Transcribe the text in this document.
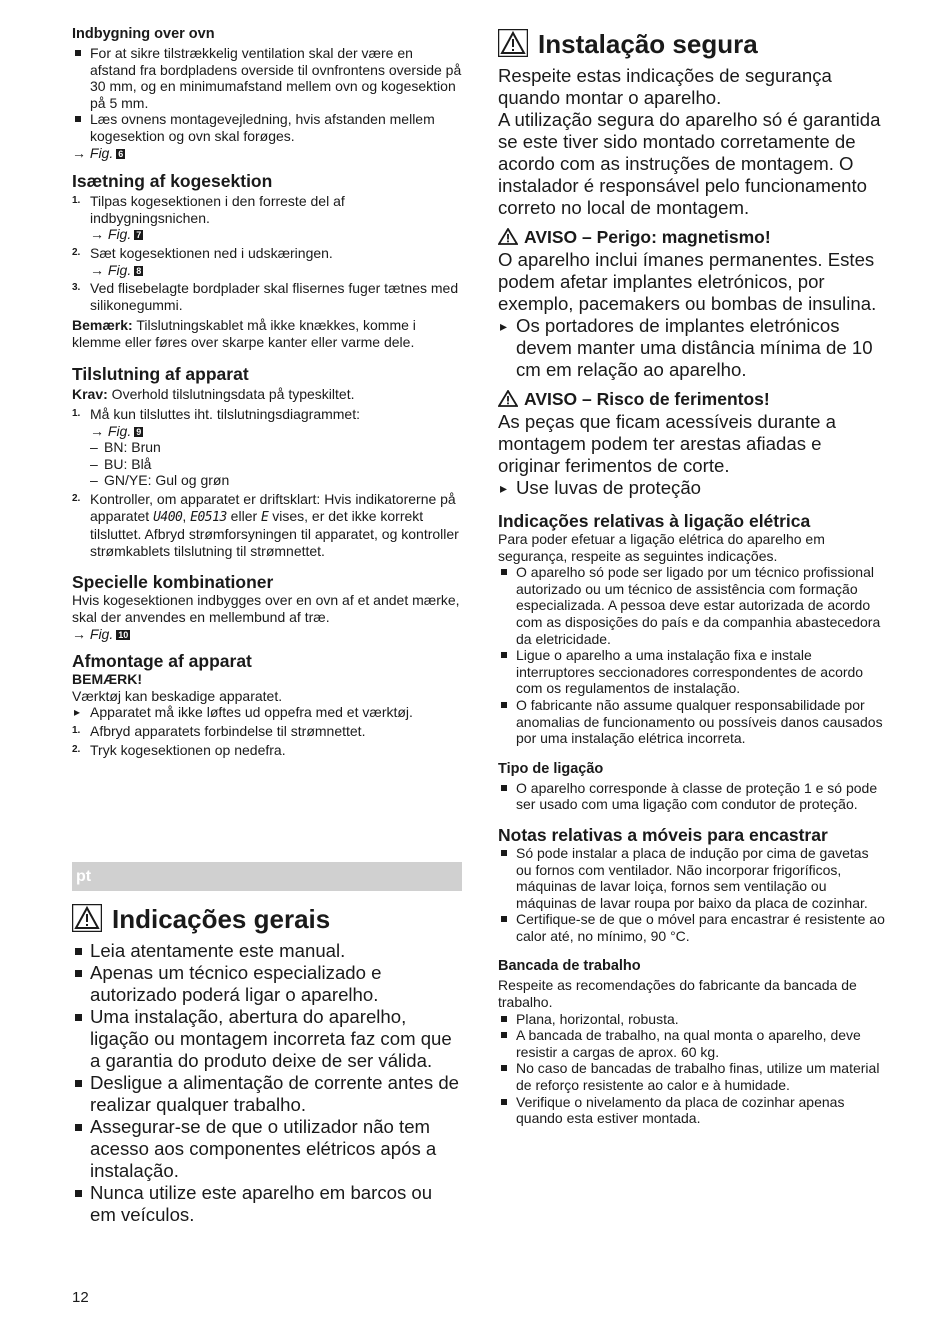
Indbygning over ovn

For at sikre tilstrækkelig ventilation skal der være en afstand fra bordpladens overside til ovnfrontens overside på 30 mm, og en minimumafstand mellem ovn og kogesektion på 5 mm.
Læs ovnens montagevejledning, hvis afstanden mellem kogesektion og ovn skal forøges.

→ Fig. 6

Isætning af kogesektion

1. Tilpas kogesektionen i den forreste del af indbygningsnichen.
→ Fig. 7
2. Sæt kogesektionen ned i udskæringen.
→ Fig. 8
3. Ved flisebelagte bordplader skal flisernes fuger tætnes med silikonegummi.

Bemærk: Tilslutningskablet må ikke knækkes, komme i klemme eller føres over skarpe kanter eller varme dele.

Tilslutning af apparat

Krav: Overhold tilslutningsdata på typeskiltet.

1. Må kun tilsluttes iht. tilslutningsdiagrammet:
→ Fig. 9
– BN: Brun
– BU: Blå
– GN/YE: Gul og grøn
2. Kontroller, om apparatet er driftsklart: Hvis indikatorerne på apparatet U400, E0513 eller E vises, er det ikke korrekt tilsluttet. Afbryd strømforsyningen til apparatet, og kontroller strømkablets tilslutning til strømnettet.

Specielle kombinationer

Hvis kogesektionen indbygges over en ovn af et andet mærke, skal der anvendes en mellembund af træ.

→ Fig. 10

Afmontage af apparat

BEMÆRK!

Værktøj kan beskadige apparatet.

▸ Apparatet må ikke løftes ud oppefra med et værktøj.
1. Afbryd apparatets forbindelse til strømnettet.
2. Tryk kogesektionen op nedefra.

Indicações gerais

Leia atentamente este manual.
Apenas um técnico especializado e autorizado poderá ligar o aparelho.
Uma instalação, abertura do aparelho, ligação ou montagem incorreta faz com que a garantia do produto deixe de ser válida.
Desligue a alimentação de corrente antes de realizar qualquer trabalho.
Assegurar-se de que o utilizador não tem acesso aos componentes elétricos após a instalação.
Nunca utilize este aparelho em barcos ou em veículos.

12

pt

Instalação segura

Respeite estas indicações de segurança quando montar o aparelho.

A utilização segura do aparelho só é garantida se este tiver sido montado corretamente de acordo com as instruções de montagem. O instalador é responsável pelo funcionamento correto no local de montagem.

AVISO – Perigo: magnetismo!

O aparelho inclui ímanes permanentes. Estes podem afetar implantes eletrónicos, por exemplo, pacemakers ou bombas de insulina.

▸ Os portadores de implantes eletrónicos devem manter uma distância mínima de 10 cm em relação ao aparelho.

AVISO – Risco de ferimentos!

As peças que ficam acessíveis durante a montagem podem ter arestas afiadas e originar ferimentos de corte.

▸ Use luvas de proteção

Indicações relativas à ligação elétrica

Para poder efetuar a ligação elétrica do aparelho em segurança, respeite as seguintes indicações.

O aparelho só pode ser ligado por um técnico profissional autorizado ou um técnico de assistência com formação especializada. A pessoa deve estar autorizada de acordo com as disposições do país e da companhia abastecedora da eletricidade.
Ligue o aparelho a uma instalação fixa e instale interruptores seccionadores correspondentes de acordo com os regulamentos de instalação.
O fabricante não assume qualquer responsabilidade por anomalias de funcionamento ou possíveis danos causados por uma instalação elétrica incorreta.

Tipo de ligação

O aparelho corresponde à classe de proteção 1 e só pode ser usado com uma ligação com condutor de proteção.

Notas relativas a móveis para encastrar

Só pode instalar a placa de indução por cima de gavetas ou fornos com ventilador. Não incorporar frigoríficos, máquinas de lavar loiça, fornos sem ventilação ou máquinas de lavar roupa por baixo da placa de cozinhar.
Certifique-se de que o móvel para encastrar é resistente ao calor até, no mínimo, 90 °C.

Bancada de trabalho

Respeite as recomendações do fabricante da bancada de trabalho.

Plana, horizontal, robusta.
A bancada de trabalho, na qual monta o aparelho, deve resistir a cargas de aprox. 60 kg.
No caso de bancadas de trabalho finas, utilize um material de reforço resistente ao calor e à humidade.
Verifique o nivelamento da placa de cozinhar apenas quando esta estiver montada.
